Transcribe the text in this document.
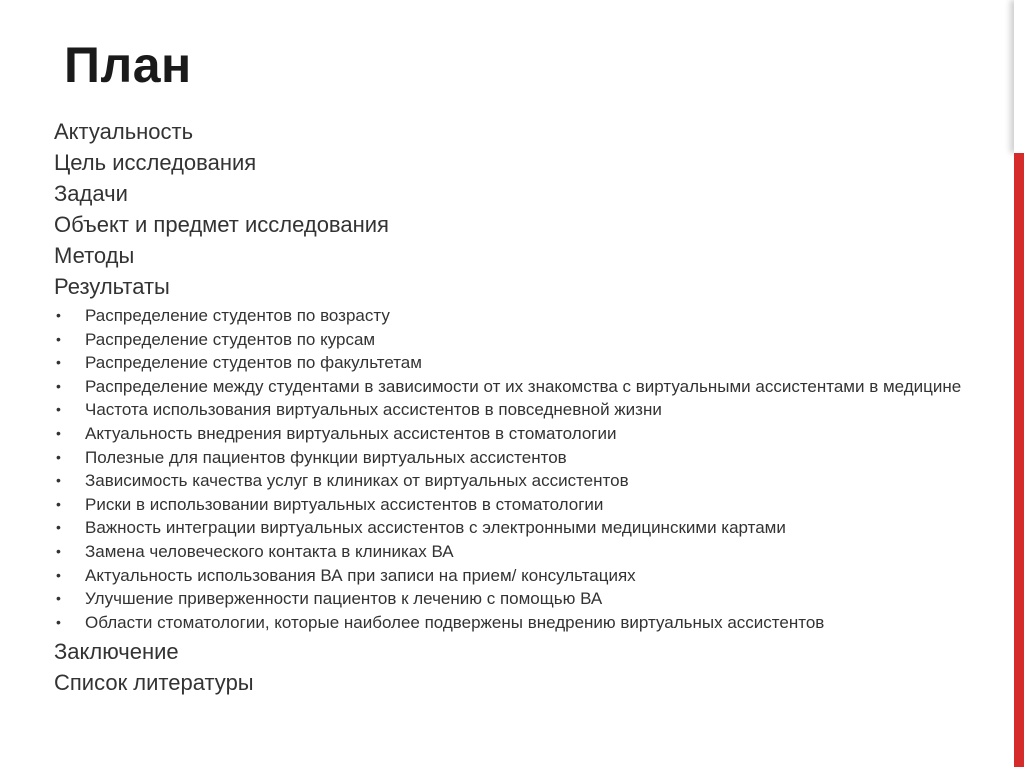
План
Актуальность
Цель исследования
Задачи
Объект и предмет исследования
Методы
Результаты
• Распределение студентов по возрасту
• Распределение студентов по курсам
• Распределение студентов по факультетам
• Распределение между студентами в зависимости от их знакомства с виртуальными ассистентами в медицине
• Частота использования виртуальных ассистентов в повседневной жизни
• Актуальность внедрения виртуальных ассистентов в стоматологии
• Полезные для пациентов функции виртуальных ассистентов
• Зависимость качества услуг в клиниках от виртуальных ассистентов
• Риски в использовании виртуальных ассистентов в стоматологии
• Важность интеграции виртуальных ассистентов с электронными медицинскими картами
• Замена человеческого контакта в клиниках ВА
• Актуальность использования ВА при записи на прием/ консультациях
• Улучшение приверженности пациентов к лечению с помощью ВА
• Области стоматологии, которые наиболее подвержены внедрению виртуальных ассистентов
Заключение
Список литературы
